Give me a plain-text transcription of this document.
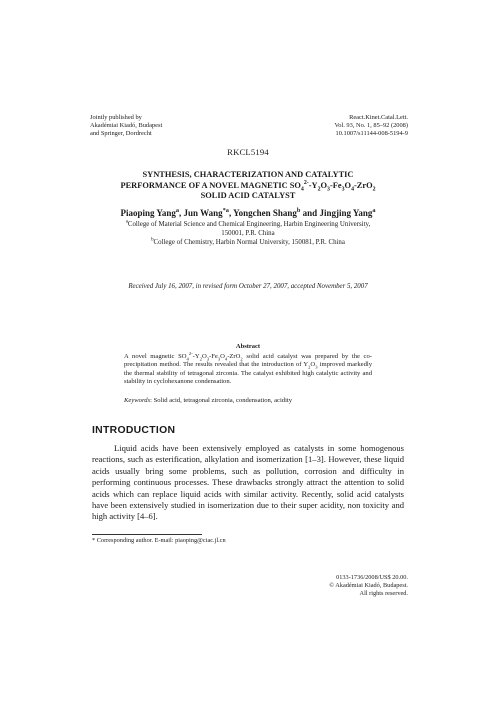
Jointly published by
Akadémiai Kiadó, Budapest
and Springer, Dordrecht
React.Kinet.Catal.Lett.
Vol. 93, No. 1, 85–92 (2008)
10.1007/s11144-008-5194-9
RKCL5194
SYNTHESIS, CHARACTERIZATION AND CATALYTIC
PERFORMANCE OF A NOVEL MAGNETIC $SO_4^{2-}-Y_2O_3-Fe_3O_4-ZrO_2$
SOLID ACID CATALYST
Piaoping Yang$^a$, Jun Wang$^{*a}$, Yongchen Shang$^b$ and Jingjing Yang$^a$
$^a$College of Material Science and Chemical Engineering, Harbin Engineering University,
150001, P.R. China
$^b$College of Chemistry, Harbin Normal University, 150081, P.R. China
Received July 16, 2007, in revised form October 27, 2007, accepted November 5, 2007
Abstract
A novel magnetic $SO_4^{2-}-Y_2O_3-Fe_3O_4-ZrO_2$ solid acid catalyst was prepared by the co-precipitation method. The results revealed that the introduction of $Y_2O_3$ improved markedly the thermal stability of tetragonal zirconia. The catalyst exhibited high catalytic activity and stability in cyclohexanone condensation.
Keywords: Solid acid, tetragonal zirconia, condensation, acidity
INTRODUCTION
Liquid acids have been extensively employed as catalysts in some homogenous reactions, such as esterification, alkylation and isomerization [1–3]. However, these liquid acids usually bring some problems, such as pollution, corrosion and difficulty in performing continuous processes. These drawbacks strongly attract the attention to solid acids which can replace liquid acids with similar activity. Recently, solid acid catalysts have been extensively studied in isomerization due to their super acidity, non toxicity and high activity [4–6].
* Corresponding author. E-mail: piaoping@ciac.jl.cn
0133-1736/2008/US$ 20.00.
© Akadémiai Kiadó, Budapest.
All rights reserved.
